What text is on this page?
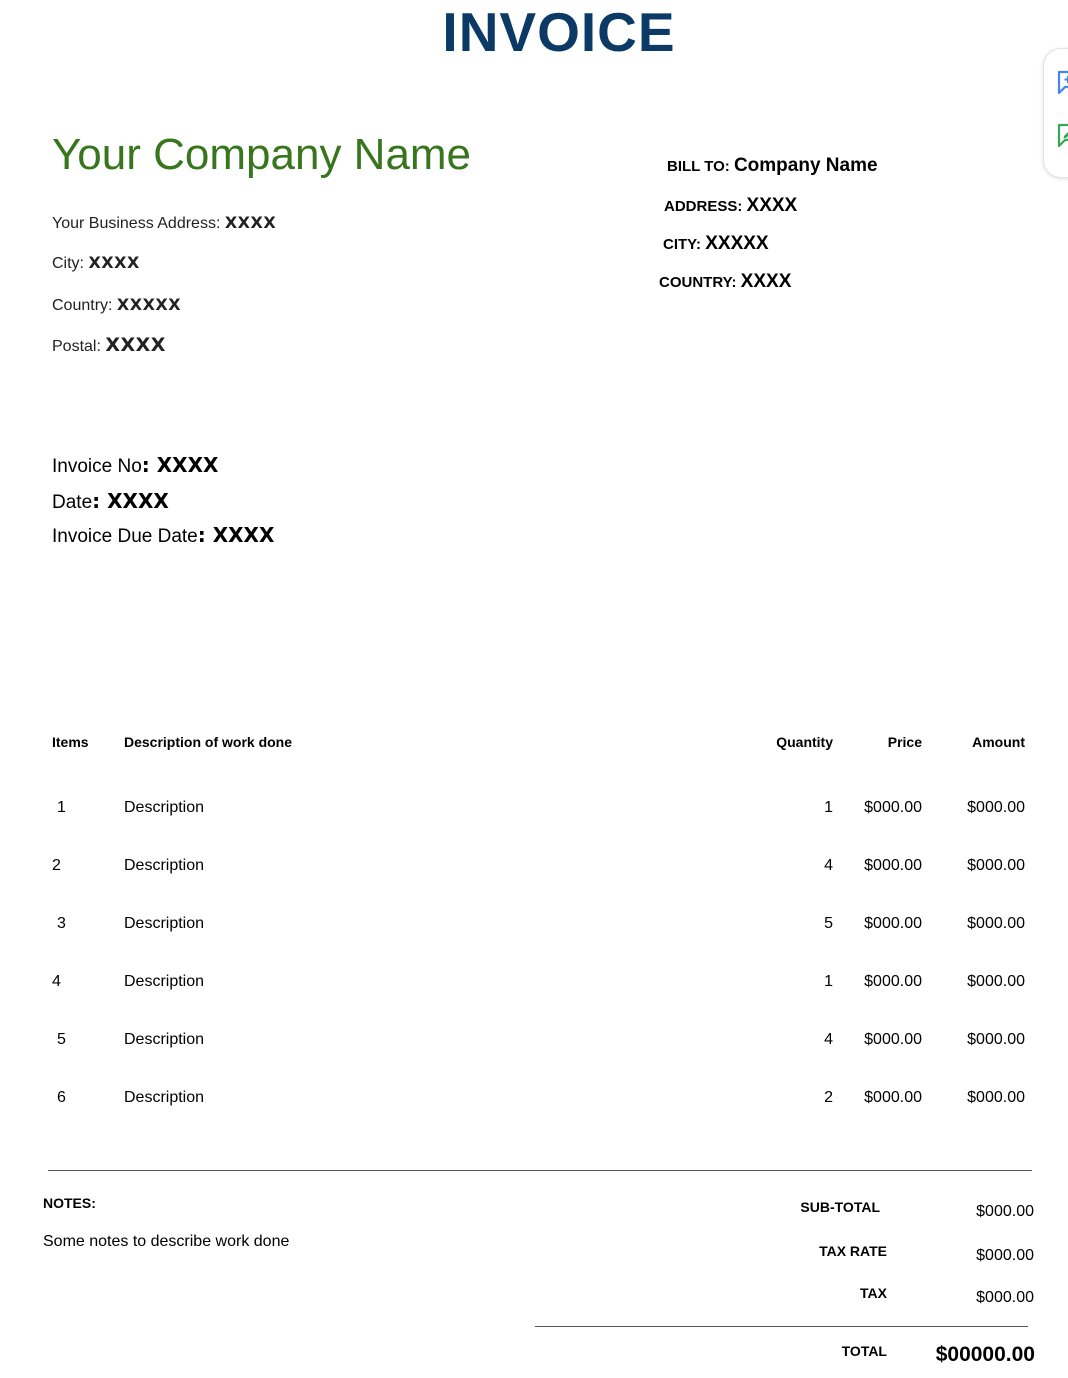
INVOICE
Your Company Name
Your Business Address: XXXX
City: XXXX
Country: XXXXX
Postal: XXXX
BILL TO: Company Name
ADDRESS: XXXX
CITY: XXXXX
COUNTRY: XXXX
Invoice No: XXXX
Date: XXXX
Invoice Due Date: XXXX
Items	Description of work done	Quantity	Price	Amount
1	Description	1	$000.00	$000.00
2	Description	4	$000.00	$000.00
3	Description	5	$000.00	$000.00
4	Description	1	$000.00	$000.00
5	Description	4	$000.00	$000.00
6	Description	2	$000.00	$000.00
NOTES:
Some notes to describe work done
SUB-TOTAL	$000.00
TAX RATE	$000.00
TAX	$000.00
TOTAL	$00000.00
